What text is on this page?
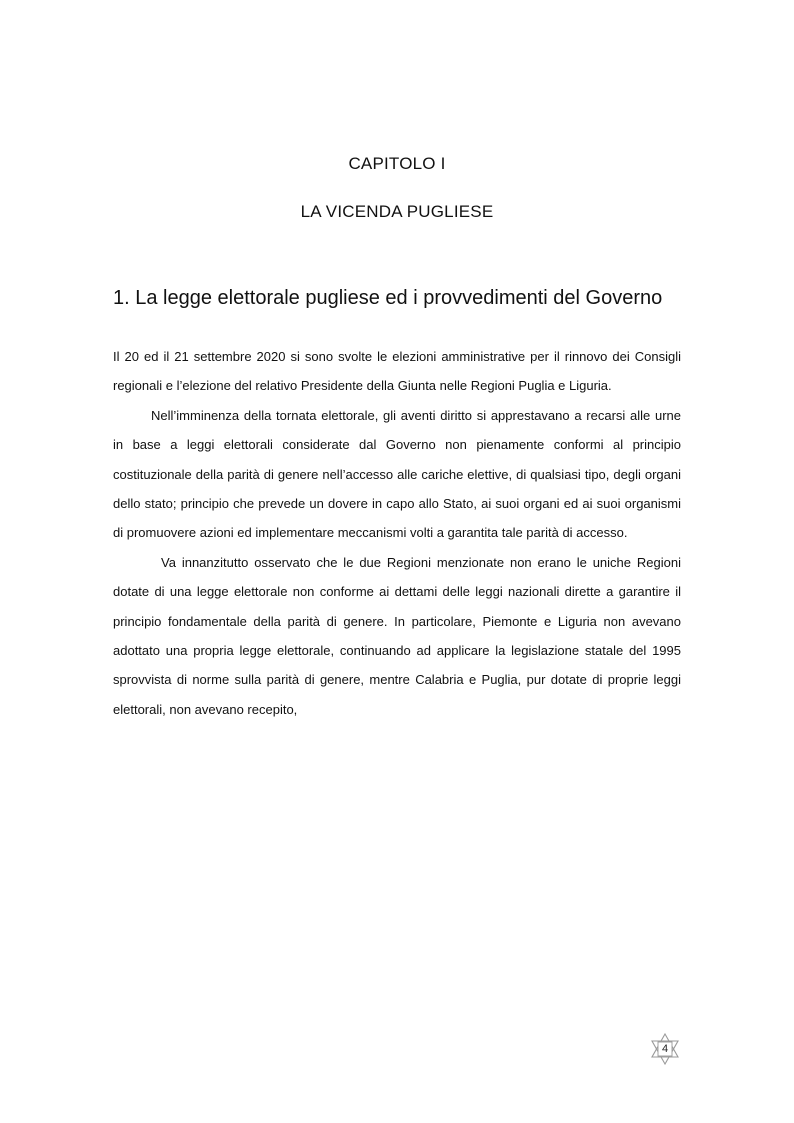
CAPITOLO I
LA VICENDA PUGLIESE
1. La legge elettorale pugliese ed i provvedimenti del Governo

Il 20 ed il 21 settembre 2020 si sono svolte le elezioni amministrative per il rinnovo dei Consigli regionali e l’elezione del relativo Presidente della Giunta nelle Regioni Puglia e Liguria.

Nell’imminenza della tornata elettorale, gli aventi diritto si apprestavano a recarsi alle urne in base a leggi elettorali considerate dal Governo non pienamente conformi al principio costituzionale della parità di genere nell’accesso alle cariche elettive, di qualsiasi tipo, degli organi dello stato; principio che prevede un dovere in capo allo Stato, ai suoi organi ed ai suoi organismi di promuovere azioni ed implementare meccanismi volti a garantita tale parità di accesso.

Va innanzitutto osservato che le due Regioni menzionate non erano le uniche Regioni dotate di una legge elettorale non conforme ai dettami delle leggi nazionali dirette a garantire il principio fondamentale della parità di genere. In particolare, Piemonte e Liguria non avevano adottato una propria legge elettorale, continuando ad applicare la legislazione statale del 1995 sprovvista di norme sulla parità di genere, mentre Calabria e Puglia, pur dotate di proprie leggi elettorali, non avevano recepito,

4
